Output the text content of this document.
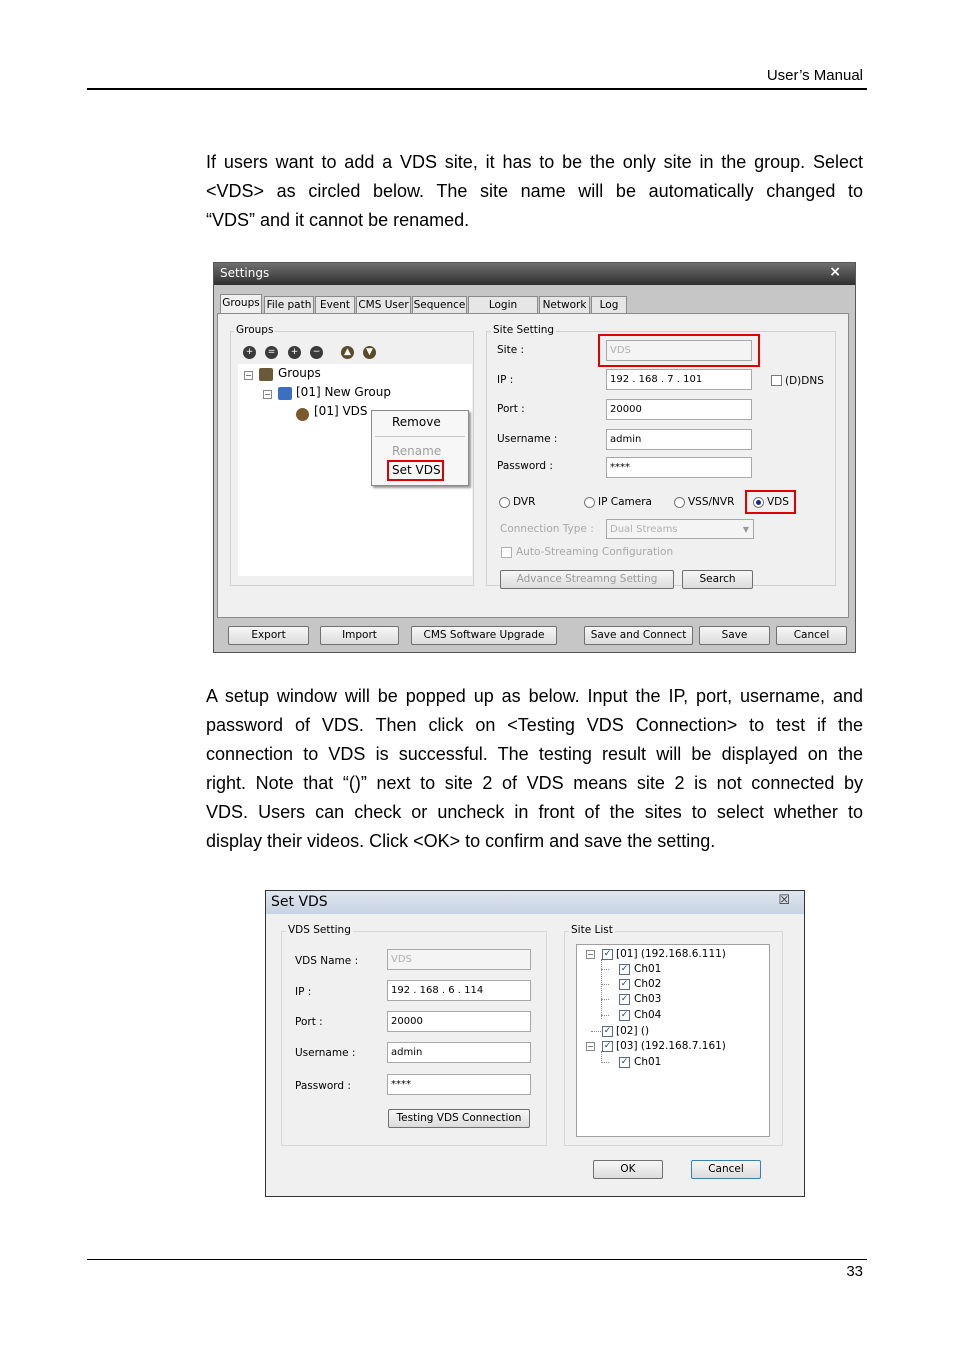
User’s Manual
If users want to add a VDS site, it has to be the only site in the group. Select
<VDS> as circled below. The site name will be automatically changed to
“VDS” and it cannot be renamed.
Settings	×
Groups File path Event CMS User Sequence	Login	Network	Log
Groups
+	=	+	−	▲	▼
− Groups
− [01] New Group
[01] VDS
Remove
Rename
Set VDS
Site Setting
Site :	VDS
IP :	192 . 168 . 7 . 101	(D)DNS
Port :	20000
Username :	admin
Password :	****
DVR	IP Camera	VSS/NVR	VDS
Connection Type :	Dual Streams	▼
Auto-Streaming Configuration
Advance Streamng Setting	Search
Export	Import	CMS Software Upgrade	Save and Connect	Save	Cancel
A setup window will be popped up as below. Input the IP, port, username, and
password of VDS. Then click on <Testing VDS Connection> to test if the
connection to VDS is successful. The testing result will be displayed on the
right. Note that “()” next to site 2 of VDS means site 2 is not connected by
VDS. Users can check or uncheck in front of the sites to select whether to
display their videos. Click <OK> to confirm and save the setting.
Set VDS	☒
VDS Setting
VDS Name :	VDS
IP :	192 . 168 . 6 . 114
Port :	20000
Username :	admin
Password :	****
Testing VDS Connection
− ✓ [01] (192.168.6.111)
✓ Ch01
✓ Ch02
✓ Ch03
✓ Ch04
✓ [02] ()
− ✓ [03] (192.168.7.161)
✓ Ch01
Site List
OK	Cancel
33
